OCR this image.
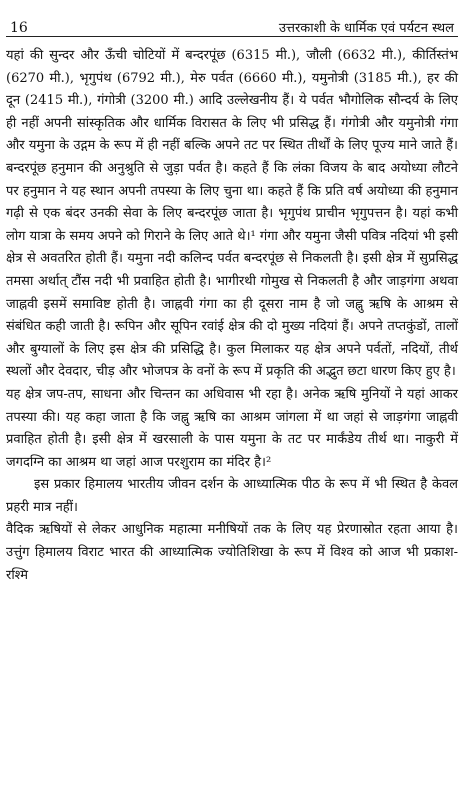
16	उत्तरकाशी के धार्मिक एवं पर्यटन स्थल

यहां की सुन्दर और ऊँची चोटियों में बन्दरपूंछ (6315 मी.), जौली (6632 मी.), कीर्तिस्तंभ (6270 मी.), भृगुपंथ (6792 मी.), मेरु पर्वत (6660 मी.), यमुनोत्री (3185 मी.), हर की दून (2415 मी.), गंगोत्री (3200 मी.) आदि उल्लेखनीय हैं। ये पर्वत भौगोलिक सौन्दर्य के लिए ही नहीं अपनी सांस्कृतिक और धार्मिक विरासत के लिए भी प्रसिद्ध हैं। गंगोत्री और यमुनोत्री गंगा और यमुना के उद्गम के रूप में ही नहीं बल्कि अपने तट पर स्थित तीर्थों के लिए पूज्य माने जाते हैं। बन्दरपूंछ हनुमान की अनुश्रुति से जुड़ा पर्वत है। कहते हैं कि लंका विजय के बाद अयोध्या लौटने पर हनुमान ने यह स्थान अपनी तपस्या के लिए चुना था। कहते हैं कि प्रति वर्ष अयोध्या की हनुमान गढ़ी से एक बंदर उनकी सेवा के लिए बन्दरपूंछ जाता है। भृगुपंथ प्राचीन भृगुपत्तन है। यहां कभी लोग यात्रा के समय अपने को गिराने के लिए आते थे।¹ गंगा और यमुना जैसी पवित्र नदियां भी इसी क्षेत्र से अवतरित होती हैं। यमुना नदी कलिन्द पर्वत बन्दरपूंछ से निकलती है। इसी क्षेत्र में सुप्रसिद्ध तमसा अर्थात् टौंस नदी भी प्रवाहित होती है। भागीरथी गोमुख से निकलती है और जाड़गंगा अथवा जाह्नवी इसमें समाविष्ट होती है। जाह्नवी गंगा का ही दूसरा नाम है जो जह्नु ऋषि के आश्रम से संबंधित कही जाती है। रूपिन और सूपिन रवांई क्षेत्र की दो मुख्य नदियां हैं। अपने तप्तकुंडों, तालों और बुग्यालों के लिए इस क्षेत्र की प्रसिद्धि है। कुल मिलाकर यह क्षेत्र अपने पर्वतों, नदियों, तीर्थ स्थलों और देवदार, चीड़ और भोजपत्र के वनों के रूप में प्रकृति की अद्भुत छटा धारण किए हुए है।

यह क्षेत्र जप-तप, साधना और चिन्तन का अधिवास भी रहा है। अनेक ऋषि मुनियों ने यहां आकर तपस्या की। यह कहा जाता है कि जह्नु ऋषि का आश्रम जांगला में था जहां से जाड़गंगा जाह्नवी प्रवाहित होती है। इसी क्षेत्र में खरसाली के पास यमुना के तट पर मार्कंडेय तीर्थ था। नाकुरी में जगदग्नि का आश्रम था जहां आज परशुराम का मंदिर है।²

इस प्रकार हिमालय भारतीय जीवन दर्शन के आध्यात्मिक पीठ के रूप में भी स्थित है केवल प्रहरी मात्र नहीं।

वैदिक ऋषियों से लेकर आधुनिक महात्मा मनीषियों तक के लिए यह प्रेरणास्रोत रहता आया है। उत्तुंग हिमालय विराट भारत की आध्यात्मिक ज्योतिशिखा के रूप में विश्व को आज भी प्रकाश-रश्मि
